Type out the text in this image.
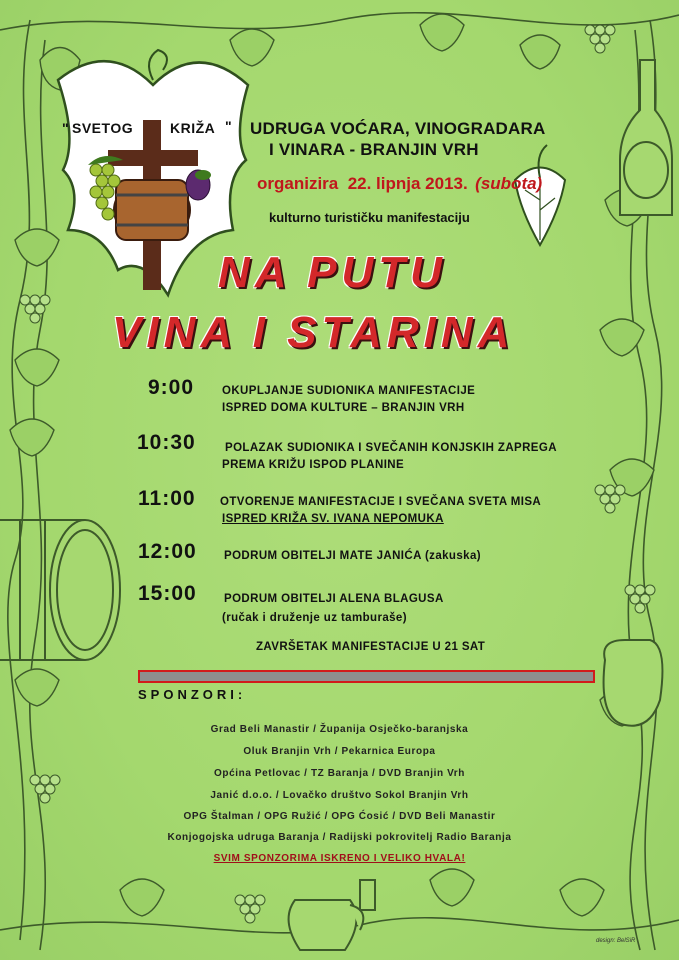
" SVETOG	KRIŽA " UDRUGA VOĆARA, VINOGRADARA
I VINARA - BRANJIN VRH
organizira 22. lipnja 2013. (subota)
kulturno turističku manifestaciju
NA PUTU
VINA I STARINA
9:00 OKUPLJANJE SUDIONIKA MANIFESTACIJE
ISPRED DOMA KULTURE – BRANJIN VRH
10:30	POLAZAK SUDIONIKA I SVEČANIH KONJSKIH ZAPREGA
PREMA KRIŽU ISPOD PLANINE
11:00 OTVORENJE MANIFESTACIJE I SVEČANA SVETA MISA
ISPRED KRIŽA SV. IVANA NEPOMUKA
12:00 PODRUM OBITELJI MATE JANIĆA (zakuska)
15:00 PODRUM OBITELJI ALENA BLAGUSA
(ručak i druženje uz tamburaše)
ZAVRŠETAK MANIFESTACIJE U 21 SAT
SPONZORI:
Grad Beli Manastir / Županija Osječko-baranjska
Oluk Branjin Vrh / Pekarnica Europa
Općina Petlovac / TZ Baranja / DVD Branjin Vrh
Janić d.o.o. / Lovačko društvo Sokol Branjin Vrh
OPG Štalman / OPG Ružić / OPG Ćosić / DVD Beli Manastir
Konjogojska udruga Baranja / Radijski pokrovitelj Radio Baranja
SVIM SPONZORIMA ISKRENO I VELIKO HVALA!
design: BelSiR
